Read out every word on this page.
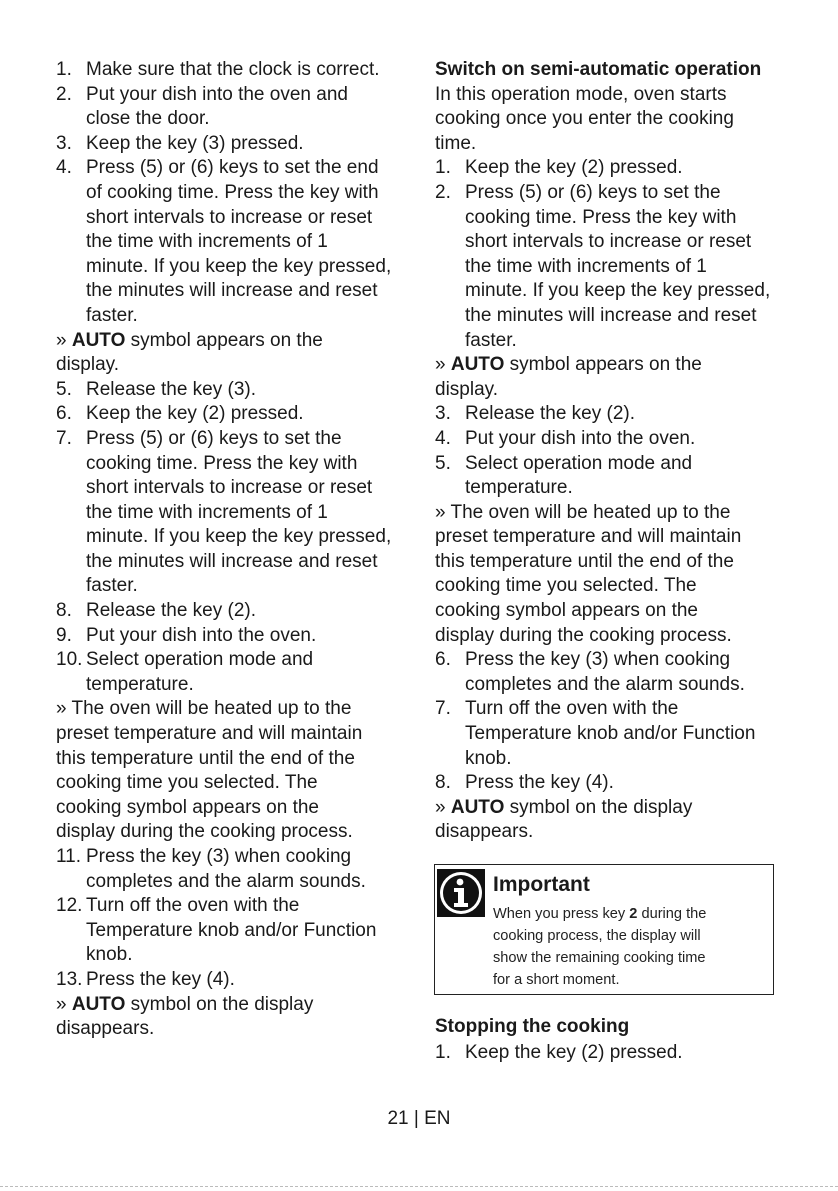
1. Make sure that the clock is correct.
2. Put your dish into the oven and
close the door.
3. Keep the key (3) pressed.
4. Press (5) or (6) keys to set the end
of cooking time. Press the key with
short intervals to increase or reset
the time with increments of 1
minute. If you keep the key pressed,
the minutes will increase and reset
faster.
» AUTO symbol appears on the
display.
5. Release the key (3).
6. Keep the key (2) pressed.
7. Press (5) or (6) keys to set the
cooking time. Press the key with
short intervals to increase or reset
the time with increments of 1
minute. If you keep the key pressed,
the minutes will increase and reset
faster.
8. Release the key (2).
9. Put your dish into the oven.
10. Select operation mode and
temperature.
» The oven will be heated up to the
preset temperature and will maintain
this temperature until the end of the
cooking time you selected. The
cooking symbol appears on the
display during the cooking process.
11. Press the key (3) when cooking
completes and the alarm sounds.
12. Turn off the oven with the
Temperature knob and/or Function
knob.
13. Press the key (4).
» AUTO symbol on the display
disappears.
Switch on semi-automatic operation
In this operation mode, oven starts
cooking once you enter the cooking
time.
1. Keep the key (2) pressed.
2. Press (5) or (6) keys to set the
cooking time. Press the key with
short intervals to increase or reset
the time with increments of 1
minute. If you keep the key pressed,
the minutes will increase and reset
faster.
» AUTO symbol appears on the
display.
3. Release the key (2).
4. Put your dish into the oven.
5. Select operation mode and
temperature.
» The oven will be heated up to the
preset temperature and will maintain
this temperature until the end of the
cooking time you selected. The
cooking symbol appears on the
display during the cooking process.
6. Press the key (3) when cooking
completes and the alarm sounds.
7. Turn off the oven with the
Temperature knob and/or Function
knob.
8. Press the key (4).
» AUTO symbol on the display
disappears.
Important
When you press key 2 during the
cooking process, the display will
show the remaining cooking time
for a short moment.
Stopping the cooking
1. Keep the key (2) pressed.
21 | EN
